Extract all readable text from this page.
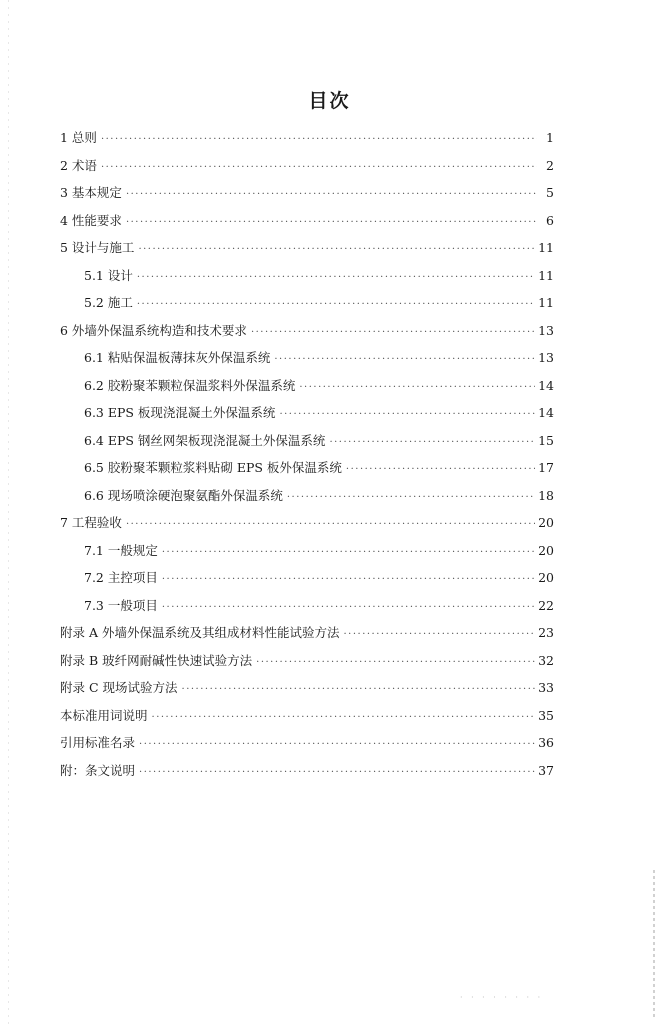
目次
1 总则 ·····	1
2 术语 ·····	2
3 基本规定 ·····	5
4 性能要求 ·····	6
5 设计与施工 ·····	11
5.1 设计 ·····	11
5.2 施工 ·····	11
6 外墙外保温系统构造和技术要求 ·····	13
6.1 粘贴保温板薄抹灰外保温系统 ·····	13
6.2 胶粉聚苯颗粒保温浆料外保温系统 ·····	14
6.3 EPS 板现浇混凝土外保温系统 ·····	14
6.4 EPS 钢丝网架板现浇混凝土外保温系统 ·····	15
6.5 胶粉聚苯颗粒浆料贴砌 EPS 板外保温系统 ·····	17
6.6 现场喷涂硬泡聚氨酯外保温系统 ·····	18
7 工程验收 ·····	20
7.1 一般规定 ·····	20
7.2 主控项目 ·····	20
7.3 一般项目 ·····	22
附录 A 外墙外保温系统及其组成材料性能试验方法 ·····	23
附录 B 玻纤网耐碱性快速试验方法 ·····	32
附录 C 现场试验方法 ·····	33
本标准用词说明 ·····	35
引用标准名录 ·····	36
附：条文说明 ·····	37
· · · · · · · ·
